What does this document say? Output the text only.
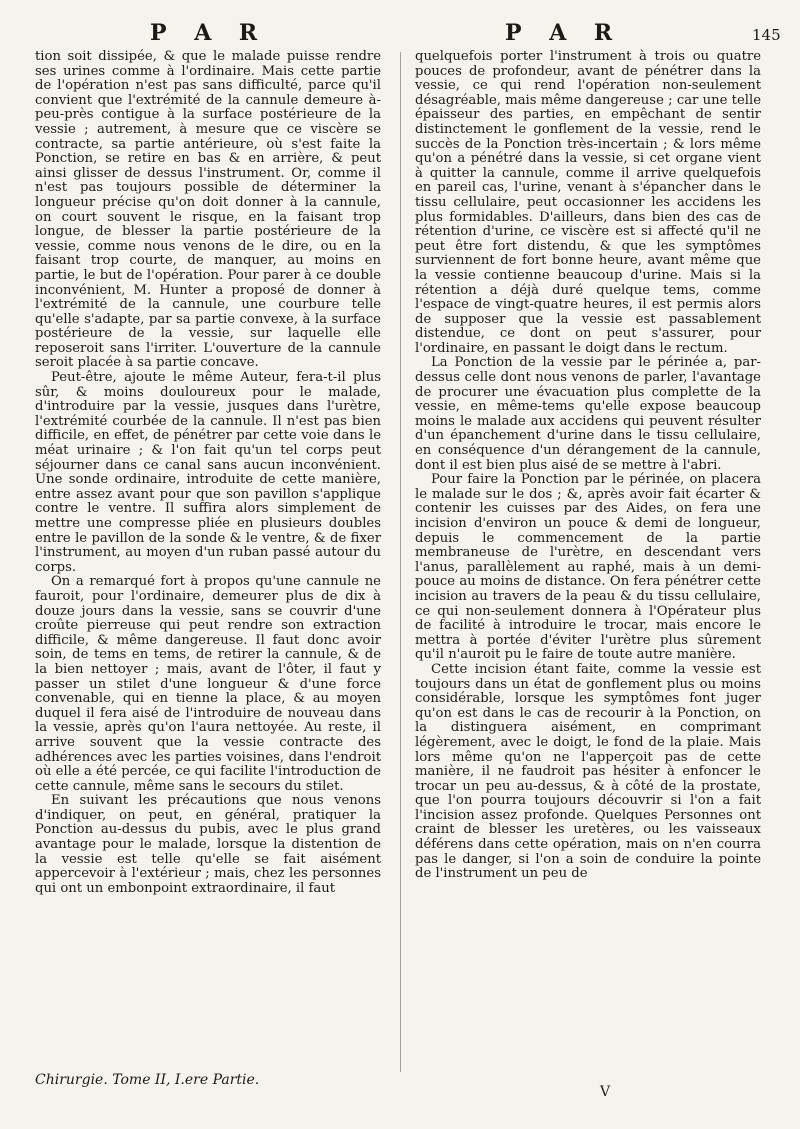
P A R	P A R	145

tion soit dissipée, & que le malade puisse rendre ses urines comme à l'ordinaire. Mais cette partie de l'opération n'est pas sans difficulté, parce qu'il convient que l'extrémité de la cannule demeure à-peu-près contigue à la surface postérieure de la vessie ; autrement, à mesure que ce viscère se contracte, sa partie antérieure, où s'est faite la Ponction, se retire en bas & en arrière, & peut ainsi glisser de dessus l'instrument. Or, comme il n'est pas toujours possible de déterminer la longueur précise qu'on doit donner à la cannule, on court souvent le risque, en la faisant trop longue, de blesser la partie postérieure de la vessie, comme nous venons de le dire, ou en la faisant trop courte, de manquer, au moins en partie, le but de l'opération. Pour parer à ce double inconvénient, M. Hunter a proposé de donner à l'extrémité de la cannule, une courbure telle qu'elle s'adapte, par sa partie convexe, à la surface postérieure de la vessie, sur laquelle elle reposeroit sans l'irriter. L'ouverture de la cannule seroit placée à sa partie concave.

Peut-être, ajoute le même Auteur, fera-t-il plus sûr, & moins douloureux pour le malade, d'introduire par la vessie, jusques dans l'urètre, l'extrémité courbée de la cannule. Il n'est pas bien difficile, en effet, de pénétrer par cette voie dans le méat urinaire ; & l'on fait qu'un tel corps peut séjourner dans ce canal sans aucun inconvénient. Une sonde ordinaire, introduite de cette manière, entre assez avant pour que son pavillon s'applique contre le ventre. Il suffira alors simplement de mettre une compresse pliée en plusieurs doubles entre le pavillon de la sonde & le ventre, & de fixer l'instrument, au moyen d'un ruban passé autour du corps.

On a remarqué fort à propos qu'une cannule ne fauroit, pour l'ordinaire, demeurer plus de dix à douze jours dans la vessie, sans se couvrir d'une croûte pierreuse qui peut rendre son extraction difficile, & même dangereuse. Il faut donc avoir soin, de tems en tems, de retirer la cannule, & de la bien nettoyer ; mais, avant de l'ôter, il faut y passer un stilet d'une longueur & d'une force convenable, qui en tienne la place, & au moyen duquel il fera aisé de l'introduire de nouveau dans la vessie, après qu'on l'aura nettoyée. Au reste, il arrive souvent que la vessie contracte des adhérences avec les parties voisines, dans l'endroit où elle a été percée, ce qui facilite l'introduction de cette cannule, même sans le secours du stilet.

En suivant les précautions que nous venons d'indiquer, on peut, en général, pratiquer la Ponction au-dessus du pubis, avec le plus grand avantage pour le malade, lorsque la distention de la vessie est telle qu'elle se fait aisément appercevoir à l'extérieur ; mais, chez les personnes qui ont un embonpoint extraordinaire, il faut

quelquefois porter l'instrument à trois ou quatre pouces de profondeur, avant de pénétrer dans la vessie, ce qui rend l'opération non-seulement désagréable, mais même dangereuse ; car une telle épaisseur des parties, en empêchant de sentir distinctement le gonflement de la vessie, rend le succès de la Ponction très-incertain ; & lors même qu'on a pénétré dans la vessie, si cet organe vient à quitter la cannule, comme il arrive quelquefois en pareil cas, l'urine, venant à s'épancher dans le tissu cellulaire, peut occasionner les accidens les plus formidables. D'ailleurs, dans bien des cas de rétention d'urine, ce viscère est si affecté qu'il ne peut être fort distendu, & que les symptômes surviennent de fort bonne heure, avant même que la vessie contienne beaucoup d'urine. Mais si la rétention a déjà duré quelque tems, comme l'espace de vingt-quatre heures, il est permis alors de supposer que la vessie est passablement distendue, ce dont on peut s'assurer, pour l'ordinaire, en passant le doigt dans le rectum.

La Ponction de la vessie par le périnée a, par-dessus celle dont nous venons de parler, l'avantage de procurer une évacuation plus complette de la vessie, en même-tems qu'elle expose beaucoup moins le malade aux accidens qui peuvent résulter d'un épanchement d'urine dans le tissu cellulaire, en conséquence d'un dérangement de la cannule, dont il est bien plus aisé de se mettre à l'abri.

Pour faire la Ponction par le périnée, on placera le malade sur le dos ; &, après avoir fait écarter & contenir les cuisses par des Aides, on fera une incision d'environ un pouce & demi de longueur, depuis le commencement de la partie membraneuse de l'urètre, en descendant vers l'anus, parallèlement au raphé, mais à un demi-pouce au moins de distance. On fera pénétrer cette incision au travers de la peau & du tissu cellulaire, ce qui non-seulement donnera à l'Opérateur plus de facilité à introduire le trocar, mais encore le mettra à portée d'éviter l'urètre plus sûrement qu'il n'auroit pu le faire de toute autre manière.

Cette incision étant faite, comme la vessie est toujours dans un état de gonflement plus ou moins considérable, lorsque les symptômes font juger qu'on est dans le cas de recourir à la Ponction, on la distinguera aisément, en comprimant légèrement, avec le doigt, le fond de la plaie. Mais lors même qu'on ne l'apperçoit pas de cette manière, il ne faudroit pas hésiter à enfoncer le trocar un peu au-dessus, & à côté de la prostate, que l'on pourra toujours découvrir si l'on a fait l'incision assez profonde. Quelques Personnes ont craint de blesser les uretères, ou les vaisseaux déférens dans cette opération, mais on n'en courra pas le danger, si l'on a soin de conduire la pointe de l'instrument un peu de

Chirurgie. Tome II, I.ere Partie.
V
